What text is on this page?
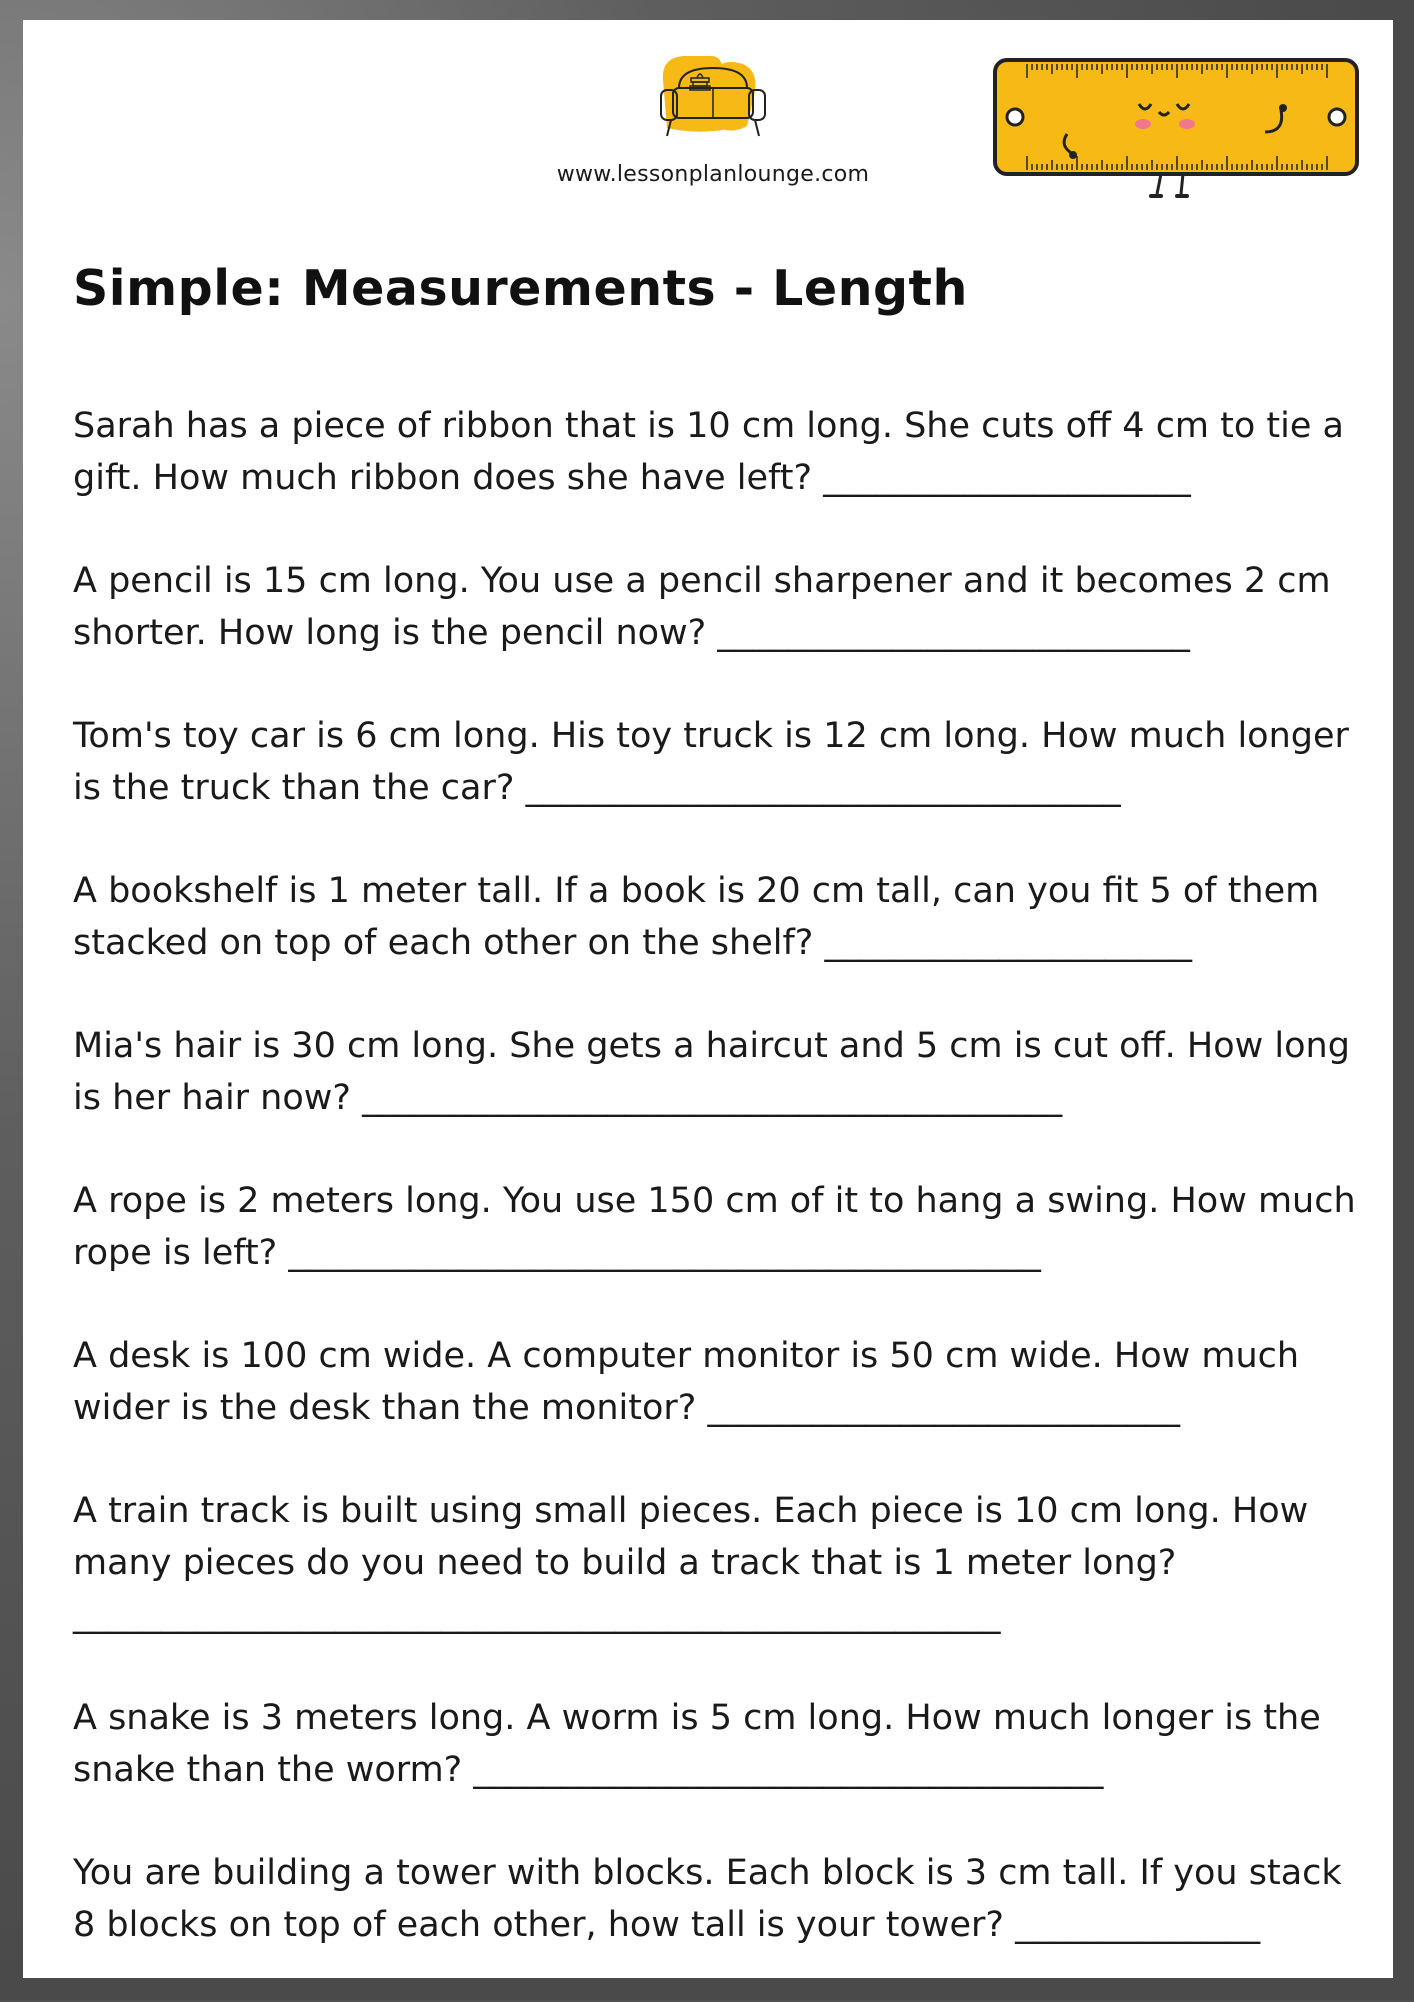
www.lessonplanlounge.com
Simple: Measurements - Length
Sarah has a piece of ribbon that is 10 cm long. She cuts off 4 cm to tie a gift. How much ribbon does she have left? _____________________
A pencil is 15 cm long. You use a pencil sharpener and it becomes 2 cm shorter. How long is the pencil now? ___________________________
Tom's toy car is 6 cm long. His toy truck is 12 cm long. How much longer is the truck than the car? __________________________________
A bookshelf is 1 meter tall. If a book is 20 cm tall, can you fit 5 of them stacked on top of each other on the shelf? _____________________
Mia's hair is 30 cm long. She gets a haircut and 5 cm is cut off. How long is her hair now? ________________________________________
A rope is 2 meters long. You use 150 cm of it to hang a swing. How much rope is left? ___________________________________________
A desk is 100 cm wide. A computer monitor is 50 cm wide. How much wider is the desk than the monitor? ___________________________
A train track is built using small pieces. Each piece is 10 cm long. How many pieces do you need to build a track that is 1 meter long?
_____________________________________________________
A snake is 3 meters long. A worm is 5 cm long. How much longer is the snake than the worm? ____________________________________
You are building a tower with blocks. Each block is 3 cm tall. If you stack 8 blocks on top of each other, how tall is your tower? ______________
